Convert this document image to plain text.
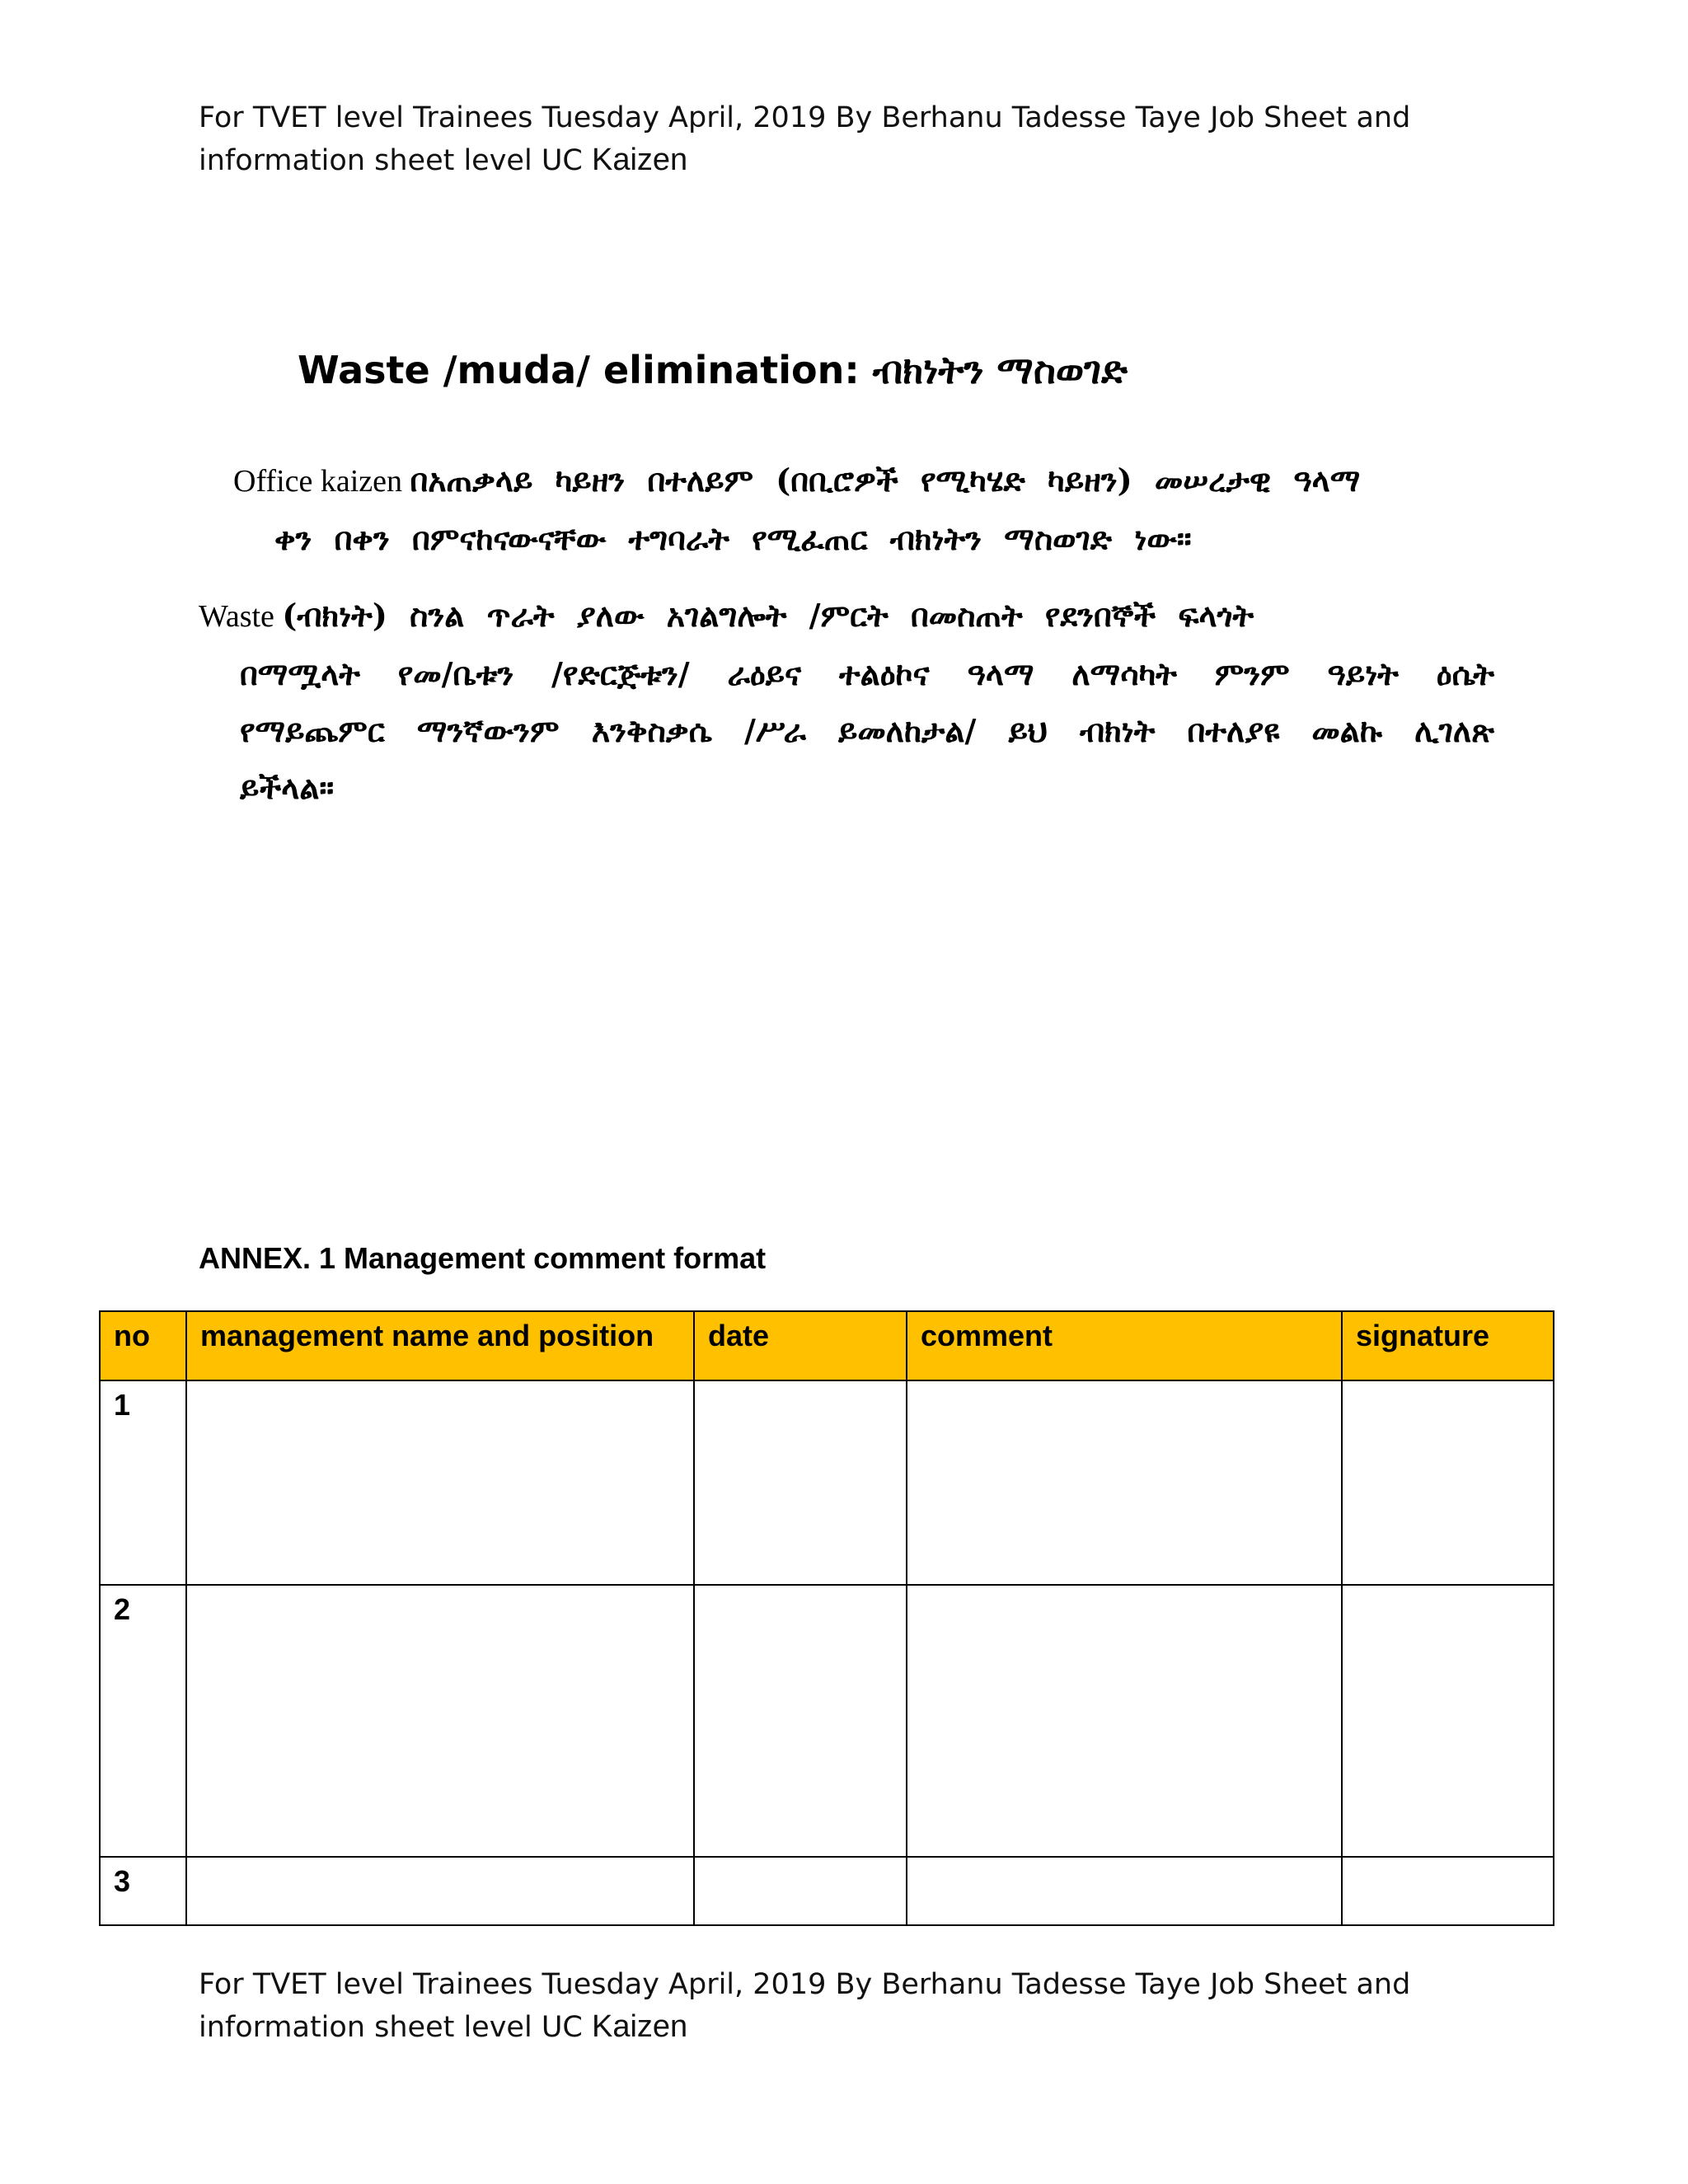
For TVET level Trainees Tuesday April, 2019 By Berhanu Tadesse Taye Job Sheet and
information sheet level UC Kaizen
Waste /muda/ elimination: ብክነትን ማስወገድ
Office kaizen በአጠቃላይ ካይዘን በተለይም (በቢሮዎች የሚካሄድ ካይዘን) መሠረታዊ ዓላማ
ቀን በቀን በምናከናውናቸው ተግባራት የሚፈጠር ብክነትን ማስወገድ ነው።
Waste (ብክነት) ስንል ጥራት ያለው አገልግሎት /ምርት በመስጠት የደንበኞች ፍላጎት
በማሟላት የመ/ቤቱን /የድርጅቱን/ ራዕይና ተልዕኮና ዓላማ ለማሳካት ምንም ዓይነት ዕሴት የማይጨምር ማንኛውንም እንቅስቃሴ /ሥራ ይመለከታል/ ይህ ብክነት በተለያዩ መልኩ ሊገለጽ ይችላል።
ANNEX. 1 Management comment format
no	management name and position	date	comment	signature
1				
2				
3				
For TVET level Trainees Tuesday April, 2019 By Berhanu Tadesse Taye Job Sheet and
information sheet level UC Kaizen
